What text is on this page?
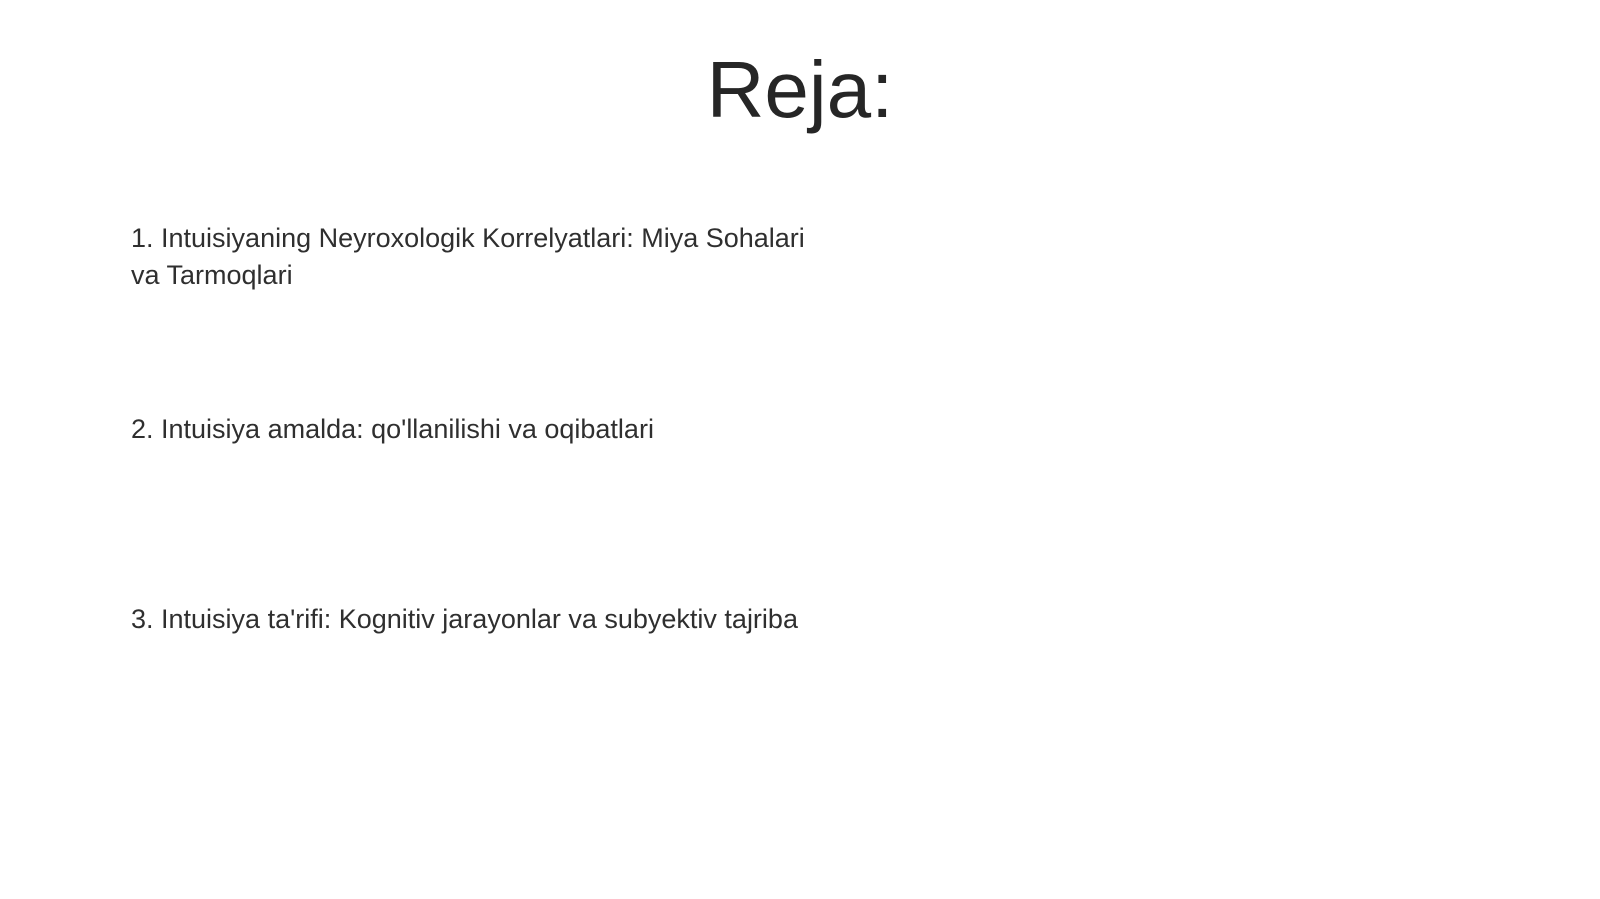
Reja:

1. Intuisiyaning Neyroxologik Korrelyatlari: Miya Sohalari va Tarmoqlari

2. Intuisiya amalda: qo'llanilishi va oqibatlari

3. Intuisiya ta'rifi: Kognitiv jarayonlar va subyektiv tajriba
